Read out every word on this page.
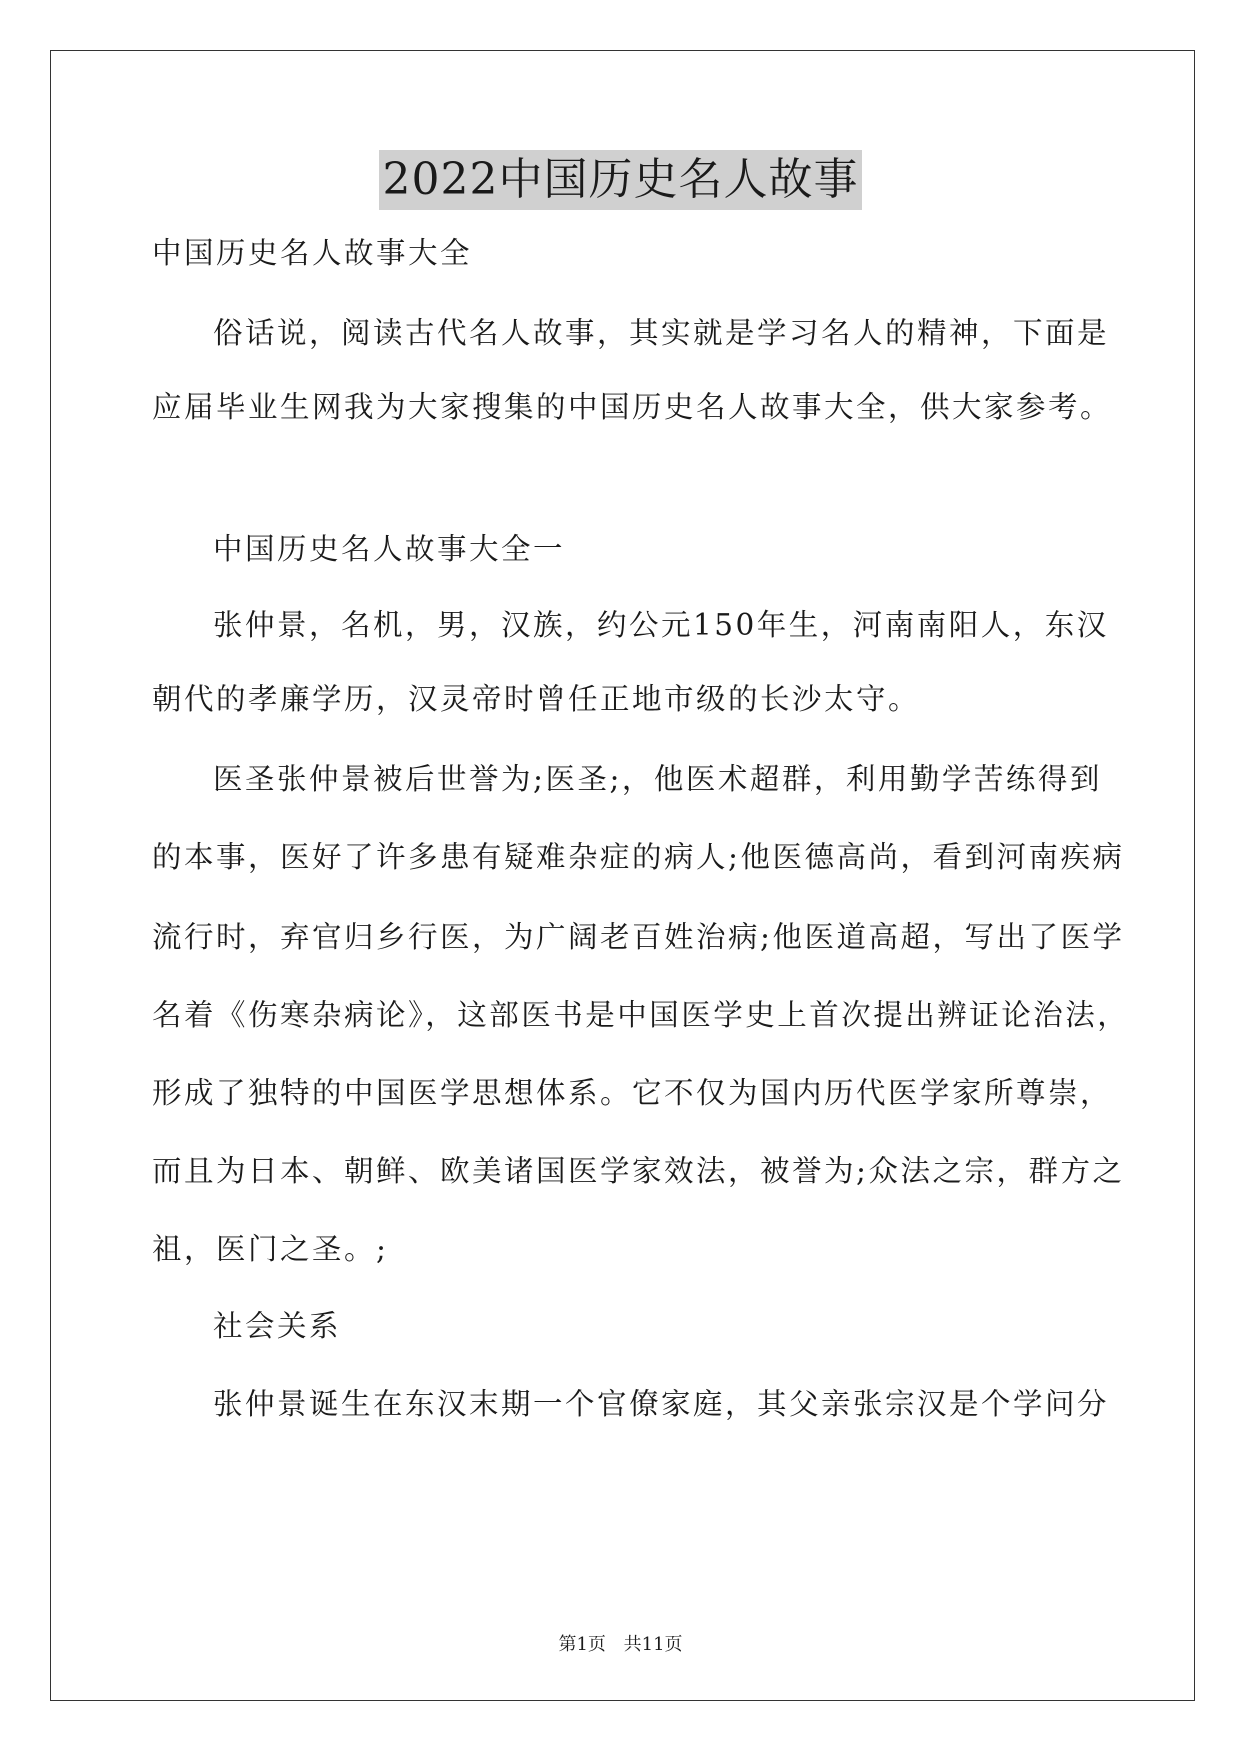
2022中国历史名人故事
中国历史名人故事大全
俗话说，阅读古代名人故事，其实就是学习名人的精神，下面是
应届毕业生网我为大家搜集的中国历史名人故事大全，供大家参考。
中国历史名人故事大全一
张仲景，名机，男，汉族，约公元150年生，河南南阳人，东汉
朝代的孝廉学历，汉灵帝时曾任正地市级的长沙太守。
医圣张仲景被后世誉为;医圣;，他医术超群，利用勤学苦练得到
的本事，医好了许多患有疑难杂症的病人;他医德高尚，看到河南疾病
流行时，弃官归乡行医，为广阔老百姓治病;他医道高超，写出了医学
名着《伤寒杂病论》，这部医书是中国医学史上首次提出辨证论治法，
形成了独特的中国医学思想体系。它不仅为国内历代医学家所尊崇，
而且为日本、朝鲜、欧美诸国医学家效法，被誉为;众法之宗，群方之
祖，医门之圣。;
社会关系
张仲景诞生在东汉末期一个官僚家庭，其父亲张宗汉是个学问分
第1页 共11页
